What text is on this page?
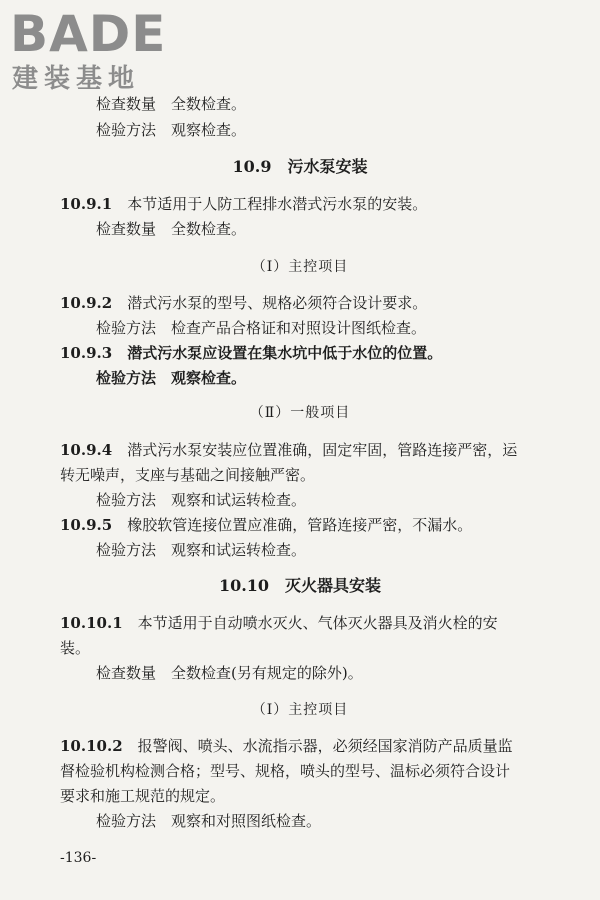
BADE
建装基地
检查数量　全数检查。
检验方法　观察检查。
10.9　污水泵安装
10.9.1　 本节适用于人防工程排水潜式污水泵的安装。
检查数量　全数检查。
（Ⅰ）主控项目
10.9.2　 潜式污水泵的型号、规格必须符合设计要求。
检验方法　检查产品合格证和对照设计图纸检查。
10.9.3　 潜式污水泵应设置在集水坑中低于水位的位置。
检验方法　观察检查。
（Ⅱ）一般项目
10.9.4　 潜式污水泵安装应位置准确，固定牢固，管路连接严密，运
转无噪声，支座与基础之间接触严密。
检验方法　观察和试运转检查。
10.9.5　 橡胶软管连接位置应准确，管路连接严密，不漏水。
检验方法　观察和试运转检查。
10.10　灭火器具安装
10.10.1　 本节适用于自动喷水灭火、气体灭火器具及消火栓的安
装。
检查数量　全数检查(另有规定的除外)。
（Ⅰ）主控项目
10.10.2　 报警阀、喷头、水流指示器，必须经国家消防产品质量监
督检验机构检测合格；型号、规格，喷头的型号、温标必须符合设计
要求和施工规范的规定。
检验方法　观察和对照图纸检查。
-136-
